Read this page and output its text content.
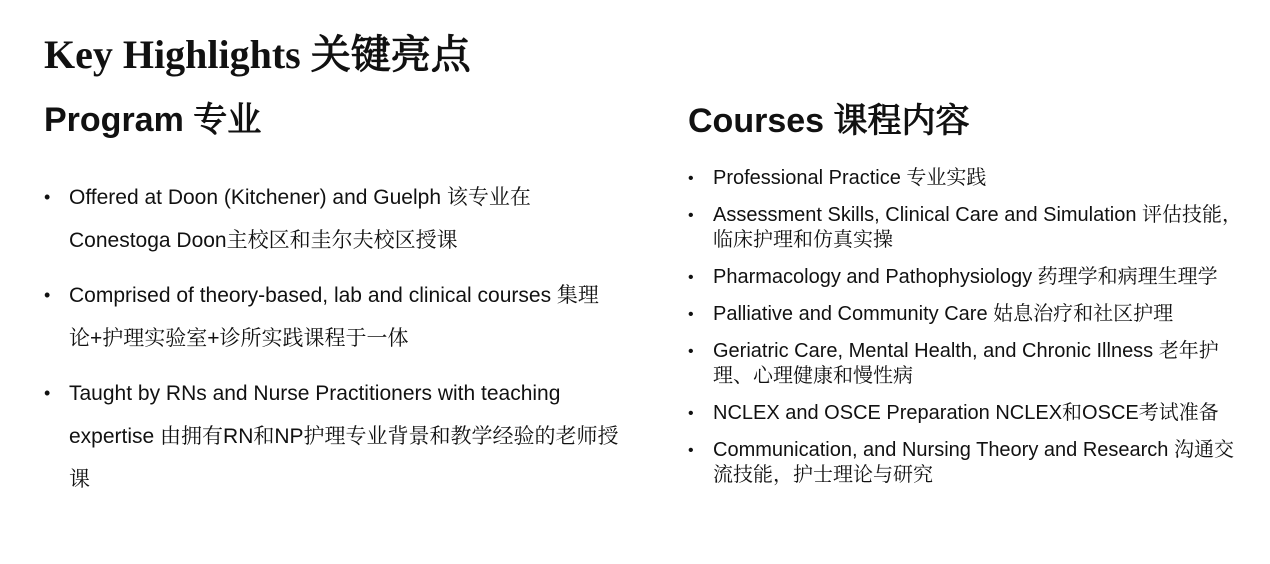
Key Highlights 关键亮点
Program 专业
• Offered at Doon (Kitchener) and Guelph 该专业在Conestoga Doon主校区和圭尔夫校区授课
• Comprised of theory-based, lab and clinical courses 集理论+护理实验室+诊所实践课程于一体
• Taught by RNs and Nurse Practitioners with teaching expertise 由拥有RN和NP护理专业背景和教学经验的老师授课
Courses 课程内容
• Professional Practice 专业实践
• Assessment Skills, Clinical Care and Simulation 评估技能，临床护理和仿真实操
• Pharmacology and Pathophysiology 药理学和病理生理学
• Palliative and Community Care 姑息治疗和社区护理
• Geriatric Care, Mental Health, and Chronic Illness 老年护理、心理健康和慢性病
• NCLEX and OSCE Preparation NCLEX和OSCE考试准备
• Communication, and Nursing Theory and Research 沟通交流技能，护士理论与研究
